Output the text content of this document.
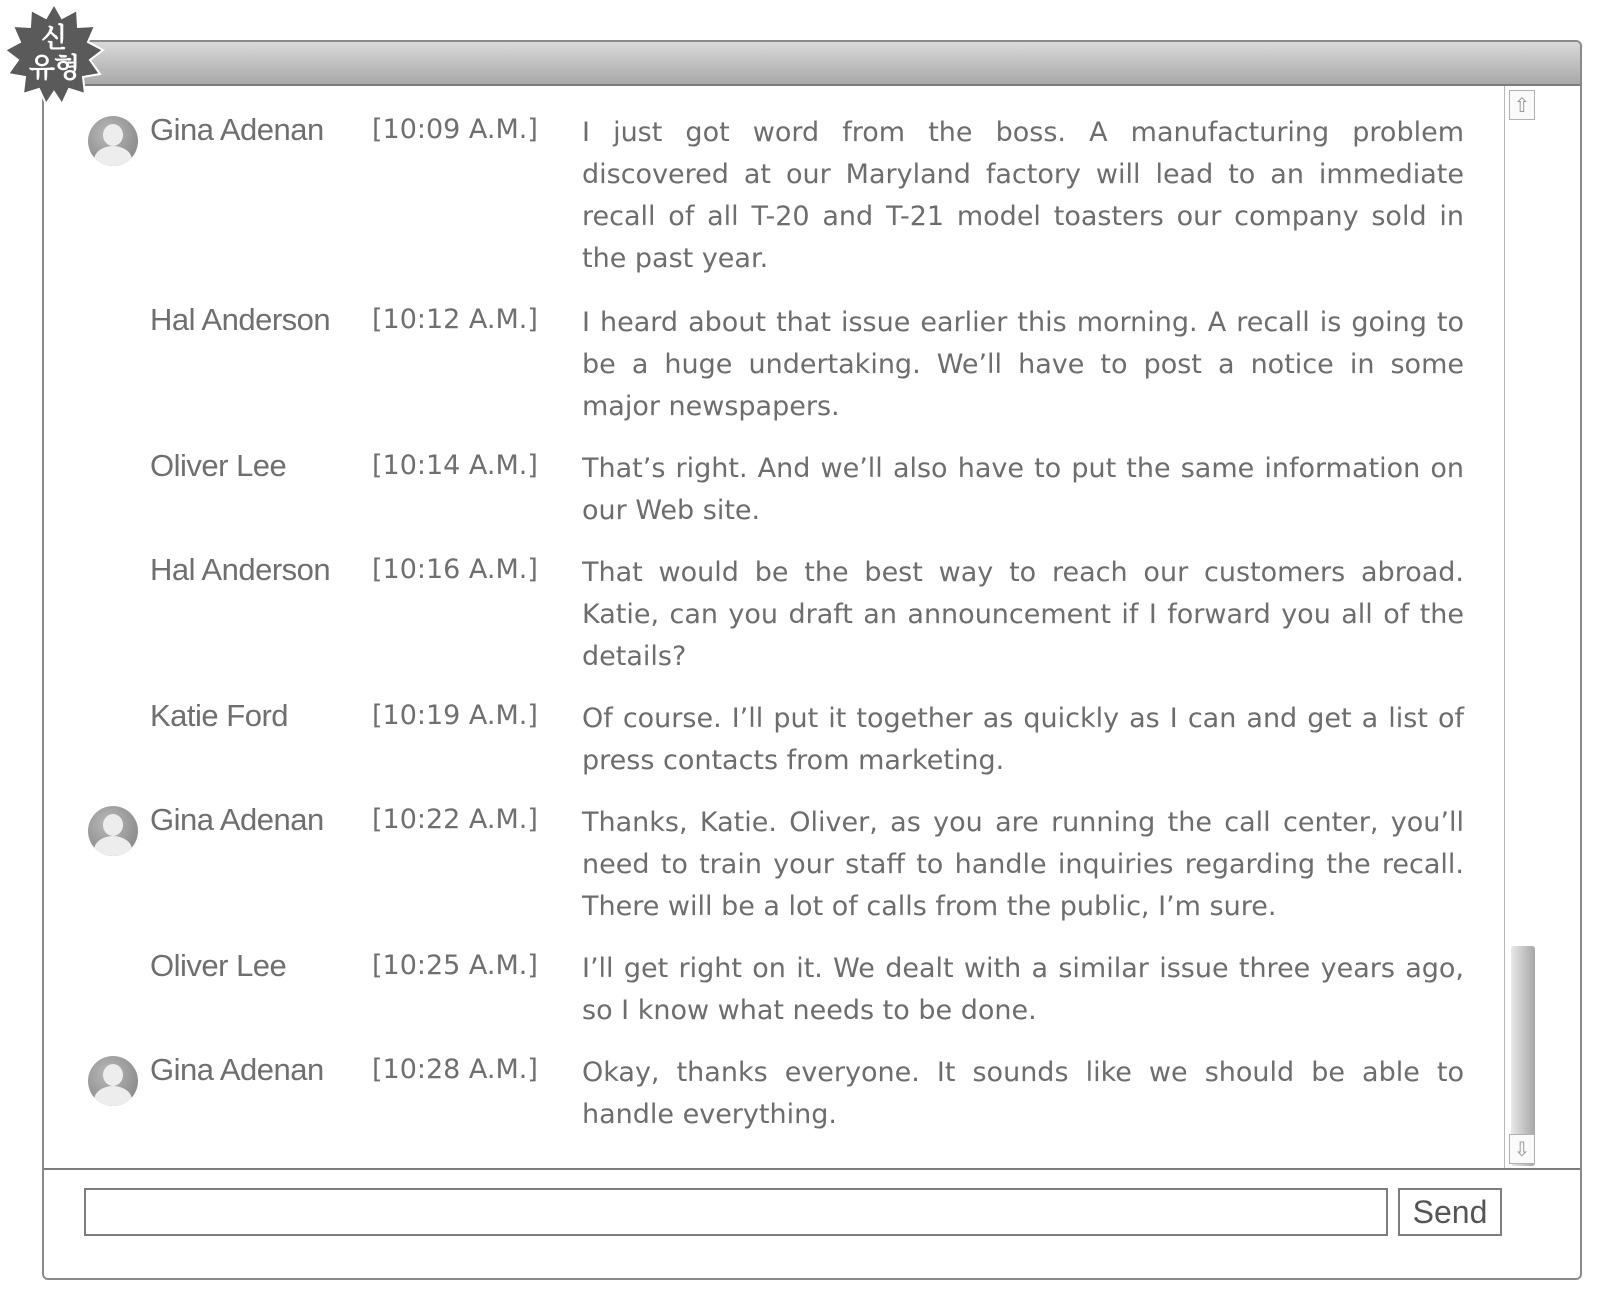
신
유형
Gina Adenan [10:09 A.M.] I just got word from the boss. A manufacturing problem discovered at our Maryland factory will lead to an immediate recall of all T-20 and T-21 model toasters our company sold in the past year.
Hal Anderson [10:12 A.M.] I heard about that issue earlier this morning. A recall is going to be a huge undertaking. We’ll have to post a notice in some major newspapers.
Oliver Lee	[10:14 A.M.] That’s right. And we’ll also have to put the same information on our Web site.
Hal Anderson [10:16 A.M.] That would be the best way to reach our customers abroad. Katie, can you draft an announcement if I forward you all of the details?
Katie Ford	[10:19 A.M.] Of course. I’ll put it together as quickly as I can and get a list of press contacts from marketing.
Gina Adenan [10:22 A.M.] Thanks, Katie. Oliver, as you are running the call center, you’ll need to train your staff to handle inquiries regarding the recall. There will be a lot of calls from the public, I’m sure.
Oliver Lee	[10:25 A.M.] I’ll get right on it. We dealt with a similar issue three years ago, so I know what needs to be done.
Gina Adenan [10:28 A.M.] Okay, thanks everyone. It sounds like we should be able to handle everything.
⇧
⇩
Send
